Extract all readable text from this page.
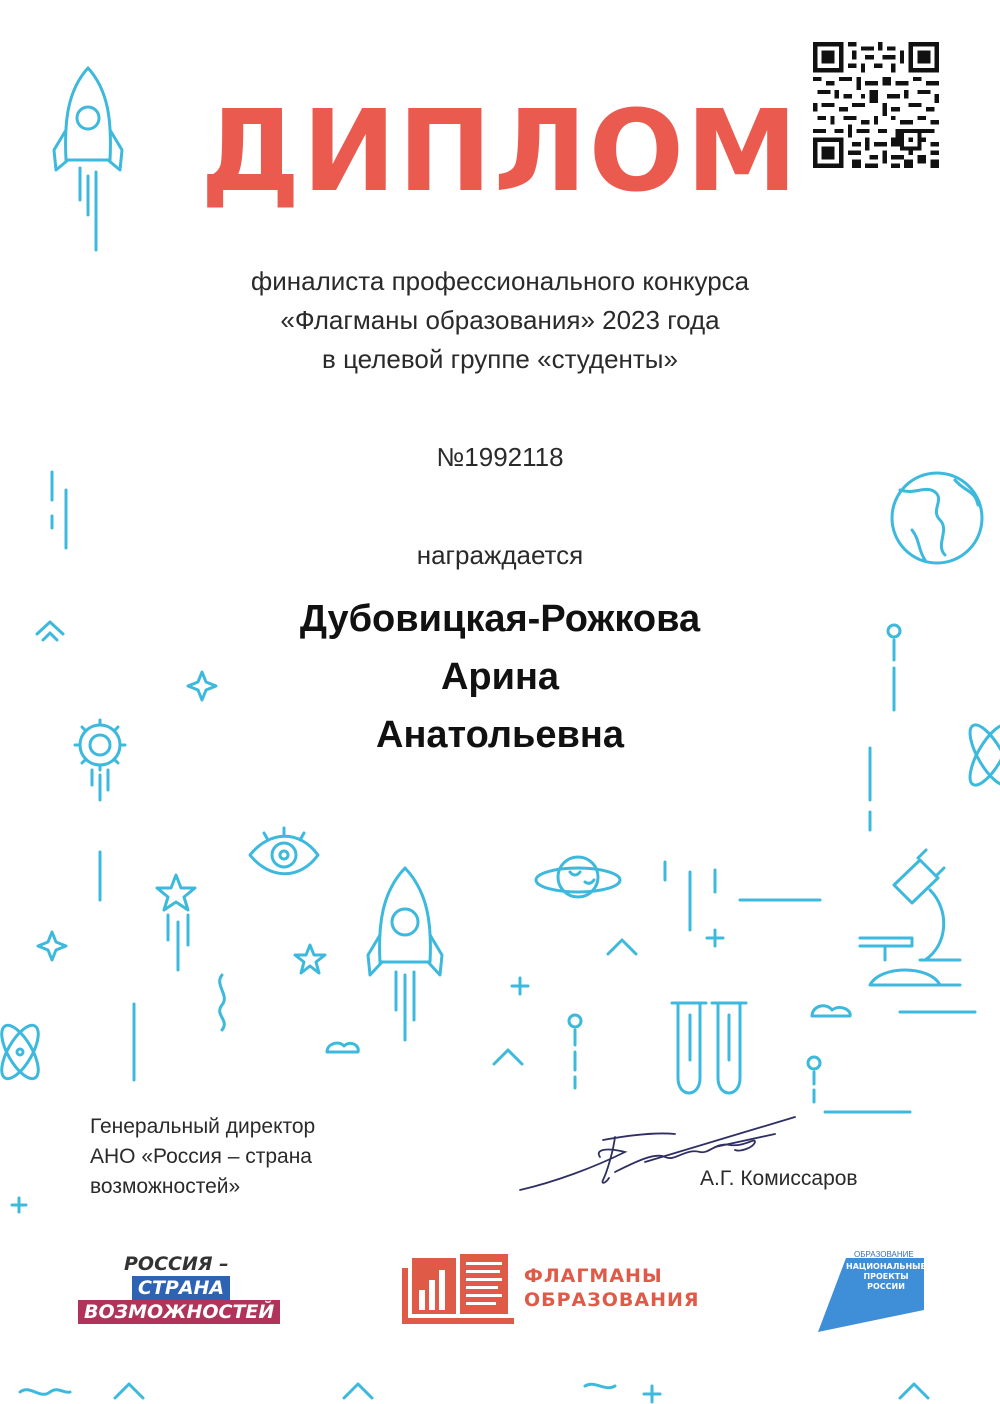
ДИПЛОМ
финалиста профессионального конкурса
«Флагманы образования» 2023 года
в целевой группе «студенты»
№1992118
награждается
Дубовицкая-Рожкова
Арина
Анатольевна
Генеральный директор
АНО «Россия – страна
возможностей»	А.Г. Комиссаров
РОССИЯ –
СТРАНА
ВОЗМОЖНОСТЕЙ
ФЛАГМАНЫ
ОБРАЗОВАНИЯ
ОБРАЗОВАНИЕ
НАЦИОНАЛЬНЫЕ ПРОЕКТЫ РОССИИ
